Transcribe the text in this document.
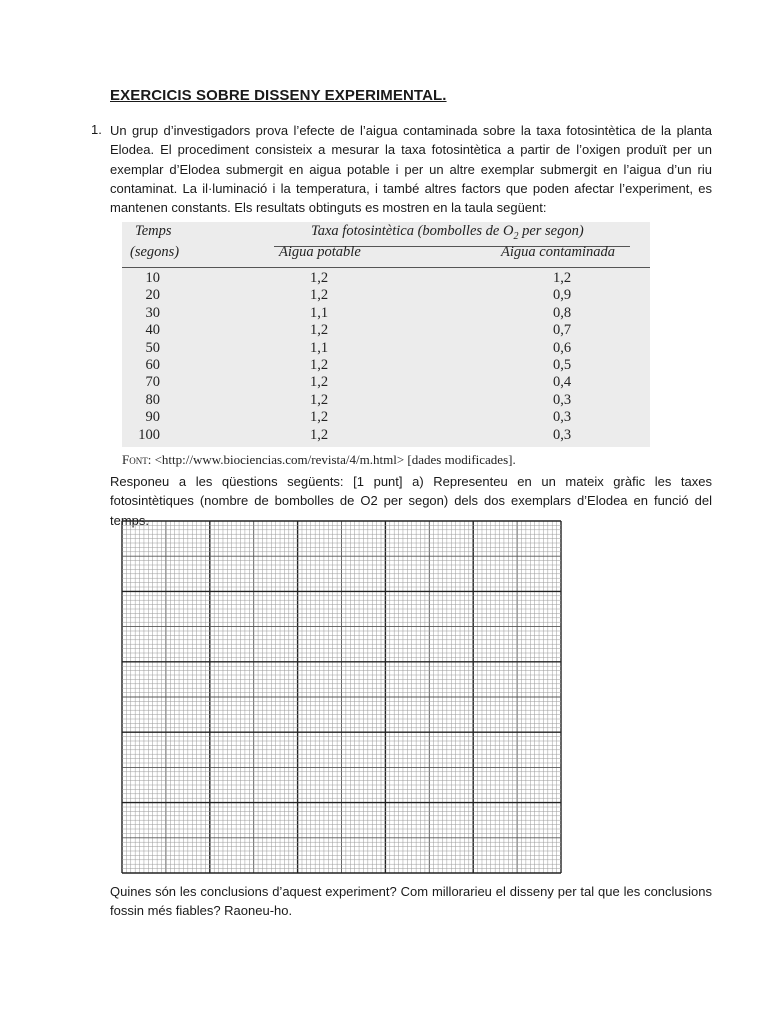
EXERCICIS SOBRE DISSENY EXPERIMENTAL.
1. Un grup d’investigadors prova l’efecte de l’aigua contaminada sobre la taxa fotosintètica de la planta Elodea. El procediment consisteix a mesurar la taxa fotosintètica a partir de l’oxigen produït per un exemplar d’Elodea submergit en aigua potable i per un altre exemplar submergit en l’aigua d’un riu contaminat. La il·luminació i la temperatura, i també altres factors que poden afectar l’experiment, es mantenen constants. Els resultats obtinguts es mostren en la taula següent:
Temps
(segons)
Taxa fotosintètica (bombolles de $O_2$ per segon)
Aigua potable	Aigua contaminada
10
20
30
40
50
60
70
80
90
100
1,2
1,2
1,1
1,2
1,1
1,2
1,2
1,2
1,2
1,2
1,2
0,9
0,8
0,7
0,6
0,5
0,4
0,3
0,3
0,3
Font: <http://www.biociencias.com/revista/4/m.html> [dades modificades].
Responeu a les qüestions següents: [1 punt] a) Representeu en un mateix gràfic les taxes fotosintètiques (nombre de bombolles de O2 per segon) dels dos exemplars d’Elodea en funció del temps.
Quines són les conclusions d’aquest experiment? Com millorarieu el disseny per tal que les conclusions fossin més fiables? Raoneu-ho.
